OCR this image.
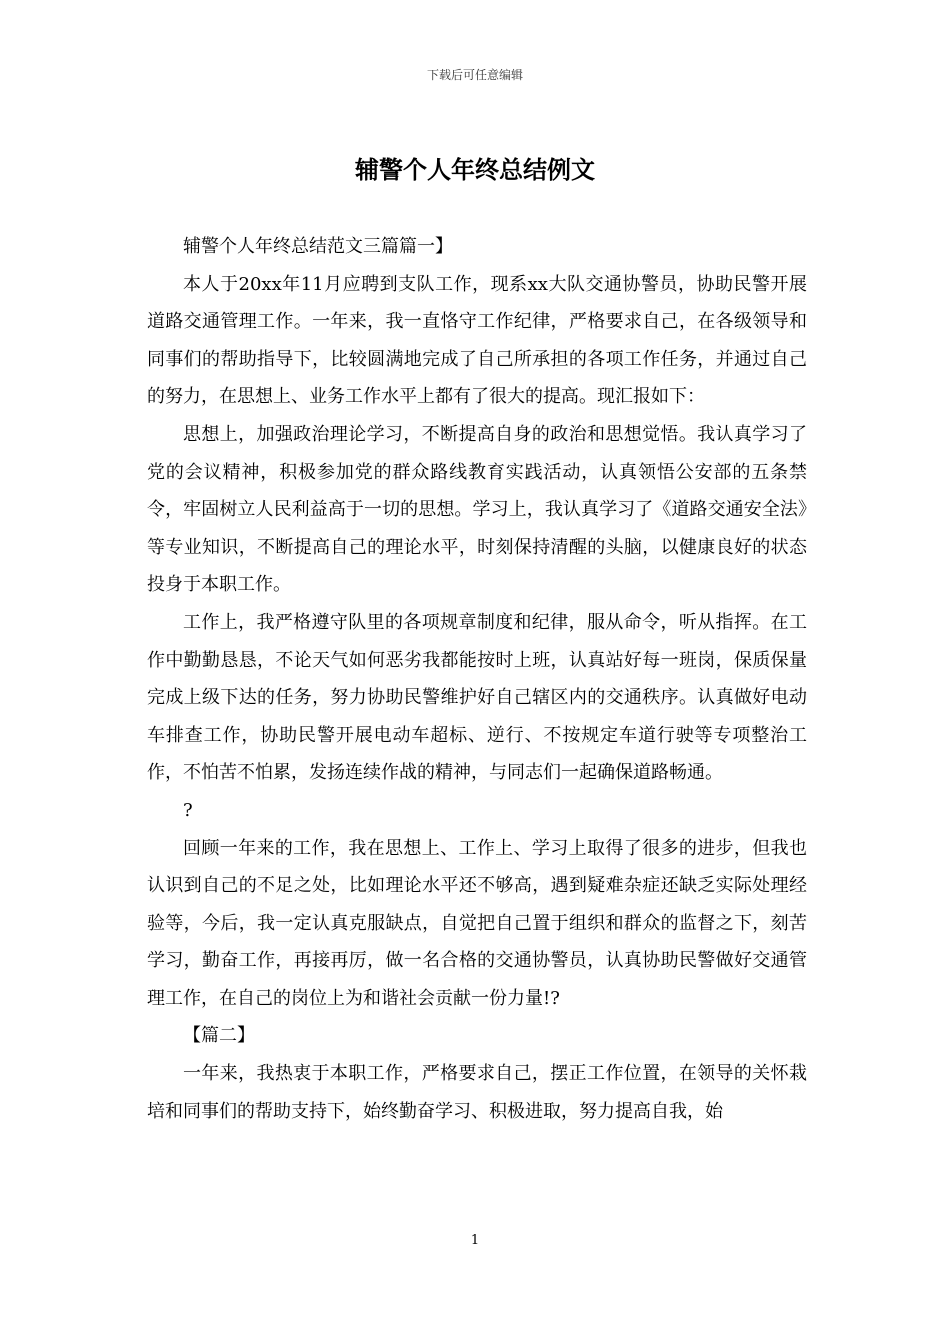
下载后可任意编辑
辅警个人年终总结例文

辅警个人年终总结范文三篇篇一】

本人于20xx年11月应聘到支队工作，现系xx大队交通协警员，协助民警开展道路交通管理工作。一年来，我一直恪守工作纪律，严格要求自己，在各级领导和同事们的帮助指导下，比较圆满地完成了自己所承担的各项工作任务，并通过自己的努力，在思想上、业务工作水平上都有了很大的提高。现汇报如下：

思想上，加强政治理论学习，不断提高自身的政治和思想觉悟。我认真学习了党的会议精神，积极参加党的群众路线教育实践活动，认真领悟公安部的五条禁令，牢固树立人民利益高于一切的思想。学习上，我认真学习了《道路交通安全法》等专业知识，不断提高自己的理论水平，时刻保持清醒的头脑，以健康良好的状态投身于本职工作。

工作上，我严格遵守队里的各项规章制度和纪律，服从命令，听从指挥。在工作中勤勤恳恳，不论天气如何恶劣我都能按时上班，认真站好每一班岗，保质保量完成上级下达的任务，努力协助民警维护好自己辖区内的交通秩序。认真做好电动车排查工作，协助民警开展电动车超标、逆行、不按规定车道行驶等专项整治工作，不怕苦不怕累，发扬连续作战的精神，与同志们一起确保道路畅通。

?

回顾一年来的工作，我在思想上、工作上、学习上取得了很多的进步，但我也认识到自己的不足之处，比如理论水平还不够高，遇到疑难杂症还缺乏实际处理经验等，今后，我一定认真克服缺点，自觉把自己置于组织和群众的监督之下，刻苦学习，勤奋工作，再接再厉，做一名合格的交通协警员，认真协助民警做好交通管理工作，在自己的岗位上为和谐社会贡献一份力量!?

【篇二】

一年来，我热衷于本职工作，严格要求自己，摆正工作位置，在领导的关怀栽培和同事们的帮助支持下，始终勤奋学习、积极进取，努力提高自我，始

1
